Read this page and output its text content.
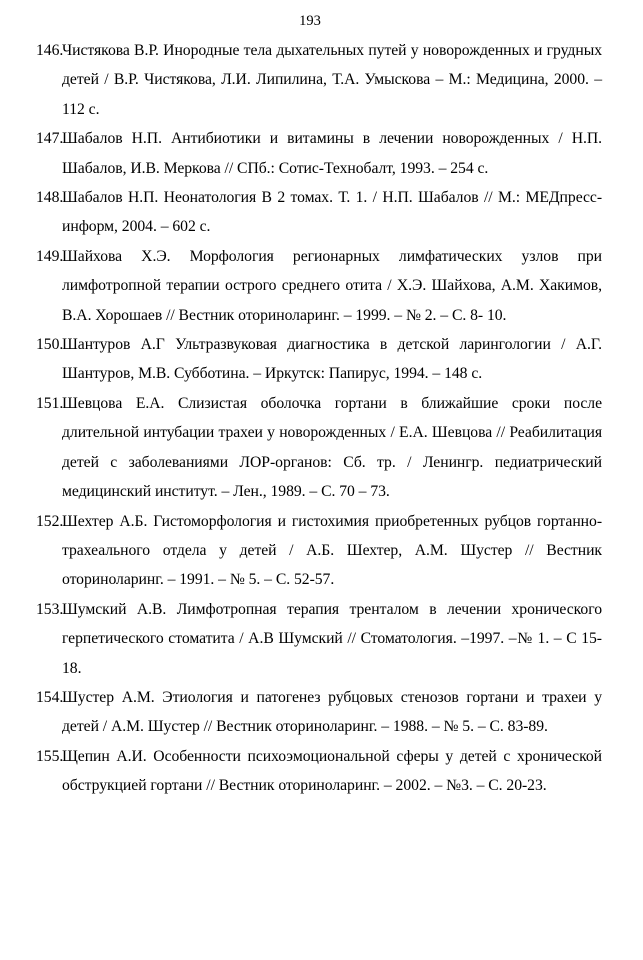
193
146.
Чистякова В.Р. Инородные тела дыхательных путей у новорожденных и грудных детей / В.Р. Чистякова, Л.И. Липилина, Т.А. Умыскова – М.: Медицина, 2000. – 112 с.
147.
Шабалов Н.П. Антибиотики и витамины в лечении новорожденных / Н.П. Шабалов, И.В. Меркова // СПб.: Сотис-Технобалт, 1993. – 254 с.
148.
Шабалов Н.П. Неонатология В 2 томах. Т. 1. / Н.П. Шабалов // М.: МЕДпресс-информ, 2004. – 602 с.
149.
Шайхова Х.Э. Морфология регионарных лимфатических узлов при лимфотропной терапии острого среднего отита / Х.Э. Шайхова, А.М. Хакимов, В.А. Хорошаев // Вестник оториноларинг. – 1999. – № 2. – С. 8- 10.
150.
Шантуров А.Г Ультразвуковая диагностика в детской ларингологии / А.Г. Шантуров, М.В. Субботина. – Иркутск: Папирус, 1994. – 148 с.
151.
Шевцова Е.А. Слизистая оболочка гортани в ближайшие сроки после длительной интубации трахеи у новорожденных / Е.А. Шевцова // Реабилитация детей с заболеваниями ЛОР-органов: Сб. тр. / Ленингр. педиатрический медицинский институт. – Лен., 1989. – С. 70 – 73.
152.
Шехтер А.Б. Гистоморфология и гистохимия приобретенных рубцов гортанно-трахеального отдела у детей / А.Б. Шехтер, А.М. Шустер // Вестник оториноларинг. – 1991. – № 5. – С. 52-57.
153.
Шумский А.В. Лимфотропная терапия тренталом в лечении хронического герпетического стоматита / А.В Шумский // Стоматология. –1997. –№ 1. – С 15-18.
154.
Шустер А.М. Этиология и патогенез рубцовых стенозов гортани и трахеи у детей / А.М. Шустер // Вестник оториноларинг. – 1988. – № 5. – С. 83-89.
155.
Щепин А.И. Особенности психоэмоциональной сферы у детей с хронической обструкцией гортани // Вестник оториноларинг. – 2002. – №3. – С. 20-23.
